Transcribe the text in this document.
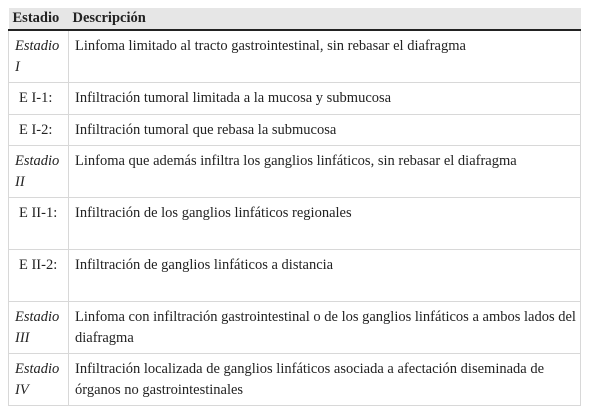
Estadio	Descripción
Estadio I	Linfoma limitado al tracto gastrointestinal, sin rebasar el diafragma
E I-1:	Infiltración tumoral limitada a la mucosa y submucosa
E I-2:	Infiltración tumoral que rebasa la submucosa
Estadio II	Linfoma que además infiltra los ganglios linfáticos, sin rebasar el diafragma
E II-1:	Infiltración de los ganglios linfáticos regionales
E II-2:	Infiltración de ganglios linfáticos a distancia
Estadio III	Linfoma con infiltración gastrointestinal o de los ganglios linfáticos a ambos lados del diafragma
Estadio IV	Infiltración localizada de ganglios linfáticos asociada a afectación diseminada de órganos no gastrointestinales
